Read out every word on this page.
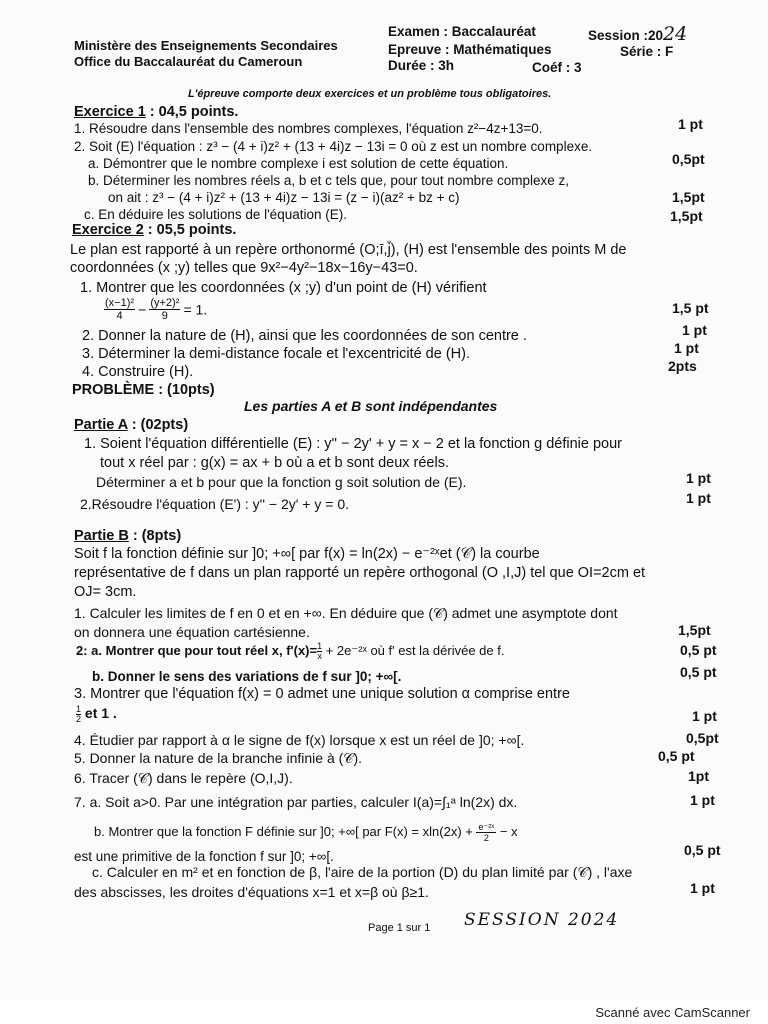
Ministère des Enseignements Secondaires
Office du Baccalauréat du Cameroun
Examen : Baccalauréat
Epreuve : Mathématiques
Durée : 3h	Coéf : 3
Session :2024
Série : F
L'épreuve comporte deux exercices et un problème tous obligatoires.
Exercice 1 : 04,5 points.
1. Résoudre dans l'ensemble des nombres complexes, l'équation z²−4z+13=0.	1 pt
2. Soit (E) l'équation : z³ − (4 + i)z² + (13 + 4i)z − 13i = 0 où z est un nombre complexe.
a. Démontrer que le nombre complexe i est solution de cette équation.	0,5pt
b. Déterminer les nombres réels a, b et c tels que, pour tout nombre complexe z,
on ait : z³ − (4 + i)z² + (13 + 4i)z − 13i = (z − i)(az² + bz + c)	1,5pt
c. En déduire les solutions de l'équation (E).	1,5pt
Exercice 2 : 05,5 points.
Le plan est rapporté à un repère orthonormé (O;ī,j̄), (H) est l'ensemble des points M de
coordonnées (x ;y) telles que 9x²−4y²−18x−16y−43=0.
1. Montrer que les coordonnées (x ;y) d'un point de (H) vérifient
$\frac{\text{(x−1)²}}{4} - \frac{\text{(y+2)²}}{9} = 1$.	1,5 pt
2. Donner la nature de (H), ainsi que les coordonnées de son centre .	1 pt
3. Déterminer la demi-distance focale et l'excentricité de (H).	1 pt
4. Construire (H).	2pts
PROBLÈME : (10pts)
Les parties A et B sont indépendantes
Partie A : (02pts)
1. Soient l'équation différentielle (E) : y'' − 2y' + y = x − 2 et la fonction g définie pour
tout x réel par : g(x) = ax + b où a et b sont deux réels.
Déterminer a et b pour que la fonction g soit solution de (E).	1 pt
2.Résoudre l'équation (E') : y'' − 2y' + y = 0.	1 pt
Partie B : (8pts)
Soit f la fonction définie sur ]0; +∞[ par f(x) = ln(2x) − e⁻²ˣet (𝒞) la courbe
représentative de f dans un plan rapporté un repère orthogonal (O ,I,J) tel que OI=2cm et
OJ= 3cm.
1. Calculer les limites de f en 0 et en +∞. En déduire que (𝒞) admet une asymptote dont
on donnera une équation cartésienne.	1,5pt
2: a. Montrer que pour tout réel x, $f'(x)= \frac{1}{x}$ + 2e⁻²ˣ où f' est la dérivée de f.	0,5 pt
b. Donner le sens des variations de f sur ]0; +∞[.	0,5 pt
3. Montrer que l'équation f(x) = 0 admet une unique solution α comprise entre
$\frac{1}{2}$ et 1 .	1 pt
4. Étudier par rapport à α le signe de f(x) lorsque x est un réel de ]0; +∞[.	0,5pt
5. Donner la nature de la branche infinie à (𝒞).	0,5 pt
6. Tracer (𝒞) dans le repère (O,I,J).	1pt
7. a. Soit a>0. Par une intégration par parties, calculer I(a)=∫₁ᵃ ln(2x) dx.	1 pt
b. Montrer que la fonction F définie sur ]0; +∞[ par $F(x) = xln(2x) + \frac{\text{e⁻²ˣ}}{2} - x$
est une primitive de la fonction f sur ]0; +∞[.	0,5 pt
c. Calculer en m² et en fonction de β, l'aire de la portion (D) du plan limité par (𝒞) , l'axe
des abscisses, les droites d'équations x=1 et x=β où β≥1.	1 pt
Page 1 sur 1 SESSION 2024
Scanné avec CamScanner
